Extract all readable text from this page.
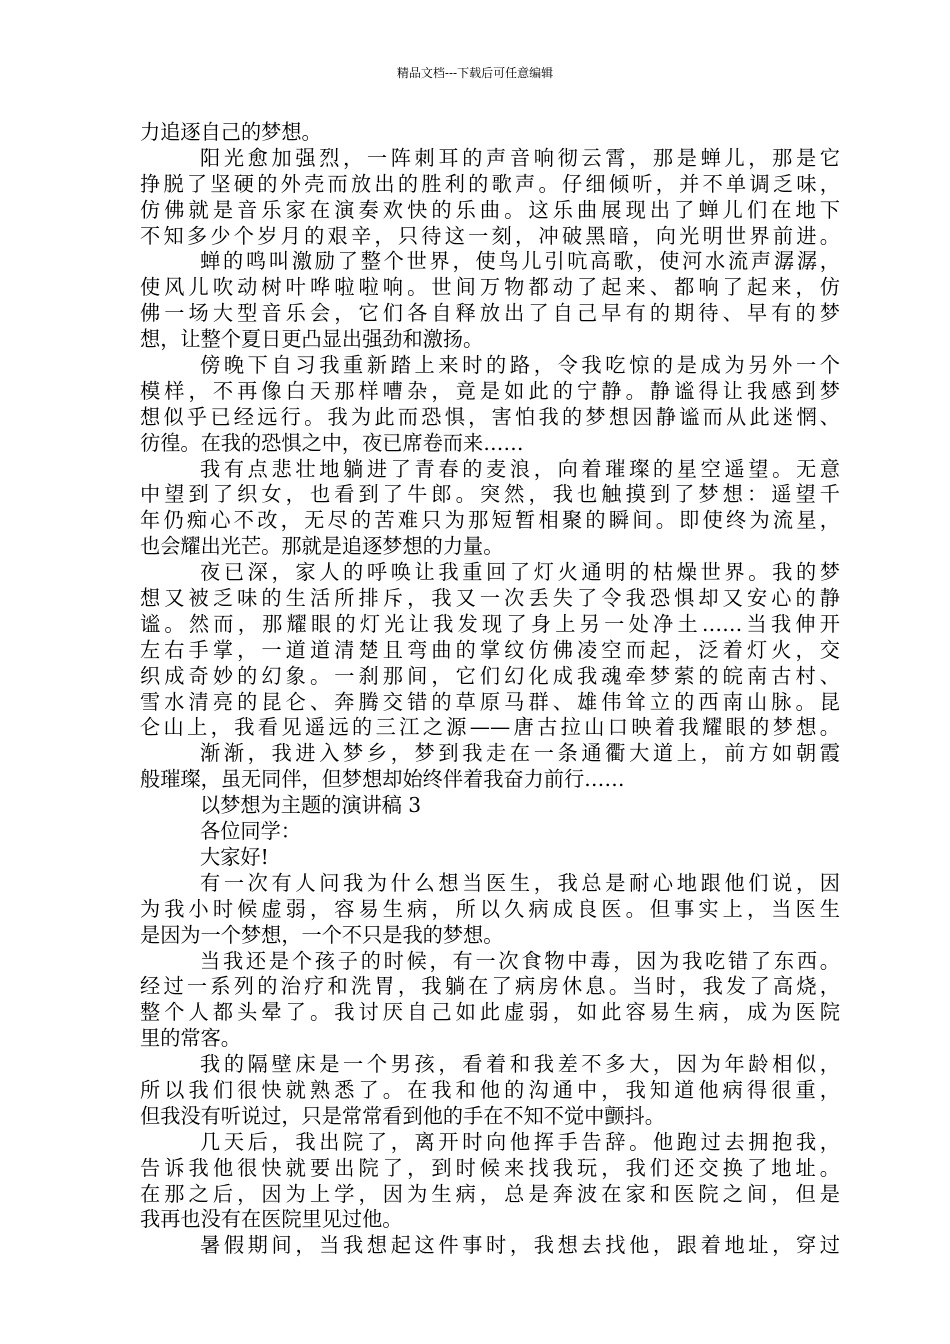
精品文档---下载后可任意编辑
力追逐自己的梦想。
阳光愈加强烈，一阵刺耳的声音响彻云霄，那是蝉儿，那是它
挣脱了坚硬的外壳而放出的胜利的歌声。仔细倾听，并不单调乏味，
仿佛就是音乐家在演奏欢快的乐曲。这乐曲展现出了蝉儿们在地下
不知多少个岁月的艰辛，只待这一刻，冲破黑暗，向光明世界前进。
蝉的鸣叫激励了整个世界，使鸟儿引吭高歌，使河水流声潺潺，
使风儿吹动树叶哗啦啦响。世间万物都动了起来、都响了起来，仿
佛一场大型音乐会，它们各自释放出了自己早有的期待、早有的梦
想，让整个夏日更凸显出强劲和激扬。
傍晚下自习我重新踏上来时的路，令我吃惊的是成为另外一个
模样，不再像白天那样嘈杂，竟是如此的宁静。静谧得让我感到梦
想似乎已经远行。我为此而恐惧，害怕我的梦想因静谧而从此迷惘、
彷徨。在我的恐惧之中，夜已席卷而来……
我有点悲壮地躺进了青春的麦浪，向着璀璨的星空遥望。无意
中望到了织女，也看到了牛郎。突然，我也触摸到了梦想：遥望千
年仍痴心不改，无尽的苦难只为那短暂相聚的瞬间。即使终为流星，
也会耀出光芒。那就是追逐梦想的力量。
夜已深，家人的呼唤让我重回了灯火通明的枯燥世界。我的梦
想又被乏味的生活所排斥，我又一次丢失了令我恐惧却又安心的静
谧。然而，那耀眼的灯光让我发现了身上另一处净土……当我伸开
左右手掌，一道道清楚且弯曲的掌纹仿佛凌空而起，泛着灯火，交
织成奇妙的幻象。一刹那间，它们幻化成我魂牵梦萦的皖南古村、
雪水清亮的昆仑、奔腾交错的草原马群、雄伟耸立的西南山脉。昆
仑山上，我看见遥远的三江之源——唐古拉山口映着我耀眼的梦想。
渐渐，我进入梦乡，梦到我走在一条通衢大道上，前方如朝霞
般璀璨，虽无同伴，但梦想却始终伴着我奋力前行……
以梦想为主题的演讲稿 3
各位同学：
大家好!
有一次有人问我为什么想当医生，我总是耐心地跟他们说，因
为我小时候虚弱，容易生病，所以久病成良医。但事实上，当医生
是因为一个梦想，一个不只是我的梦想。
当我还是个孩子的时候，有一次食物中毒，因为我吃错了东西。
经过一系列的治疗和洗胃，我躺在了病房休息。当时，我发了高烧，
整个人都头晕了。我讨厌自己如此虚弱，如此容易生病，成为医院
里的常客。
我的隔壁床是一个男孩，看着和我差不多大，因为年龄相似，
所以我们很快就熟悉了。在我和他的沟通中，我知道他病得很重，
但我没有听说过，只是常常看到他的手在不知不觉中颤抖。
几天后，我出院了，离开时向他挥手告辞。他跑过去拥抱我，
告诉我他很快就要出院了，到时候来找我玩，我们还交换了地址。
在那之后，因为上学，因为生病，总是奔波在家和医院之间，但是
我再也没有在医院里见过他。
暑假期间，当我想起这件事时，我想去找他，跟着地址，穿过
